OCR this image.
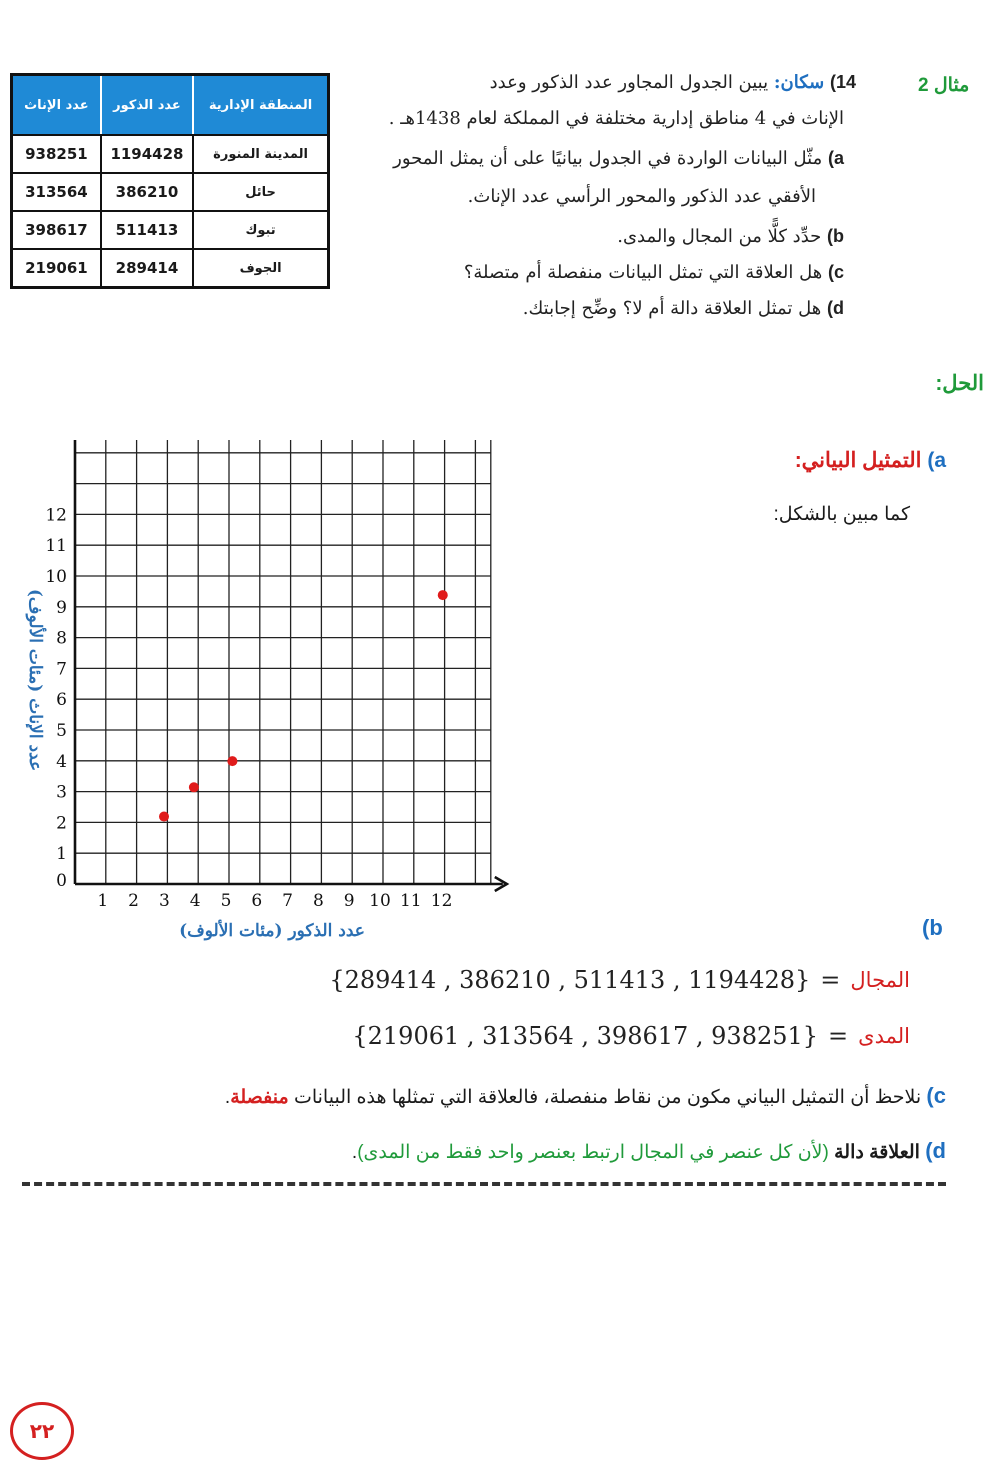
المنطقة الإدارية	عدد الذكور	عدد الإناث
المدينة المنورة	1194428	938251
حائل	386210	313564
تبوك	511413	398617
الجوف	289414	219061
مثال 2
14) سكان: يبين الجدول المجاور عدد الذكور وعدد
الإناث في 4 مناطق إدارية مختلفة في المملكة لعام 1438هـ .
a) مثّل البيانات الواردة في الجدول بيانيًا على أن يمثل المحور
الأفقي عدد الذكور والمحور الرأسي عدد الإناث.
b) حدِّد كلًّا من المجال والمدى.
c) هل العلاقة التي تمثل البيانات منفصلة أم متصلة؟
d) هل تمثل العلاقة دالة أم لا؟ وضِّح إجابتك.
الحل:
a) التمثيل البياني:
كما مبين بالشكل:
1 2 3 4 5 6 7 8 9 10 11 12
0
1
2
3
4
5
6
7
8
9
10
11
12
عدد الذكور (مئات الألوف)
عدد الإناث (مئات الألوف)
(b
المجال
=
{289414 , 386210 , 511413 , 1194428}
المدى
=
{219061 , 313564 , 398617 , 938251}
c) نلاحظ أن التمثيل البياني مكون من نقاط منفصلة، فالعلاقة التي تمثلها هذه البيانات منفصلة.
d) العلاقة دالة (لأن كل عنصر في المجال ارتبط بعنصر واحد فقط من المدى).
٢٢
